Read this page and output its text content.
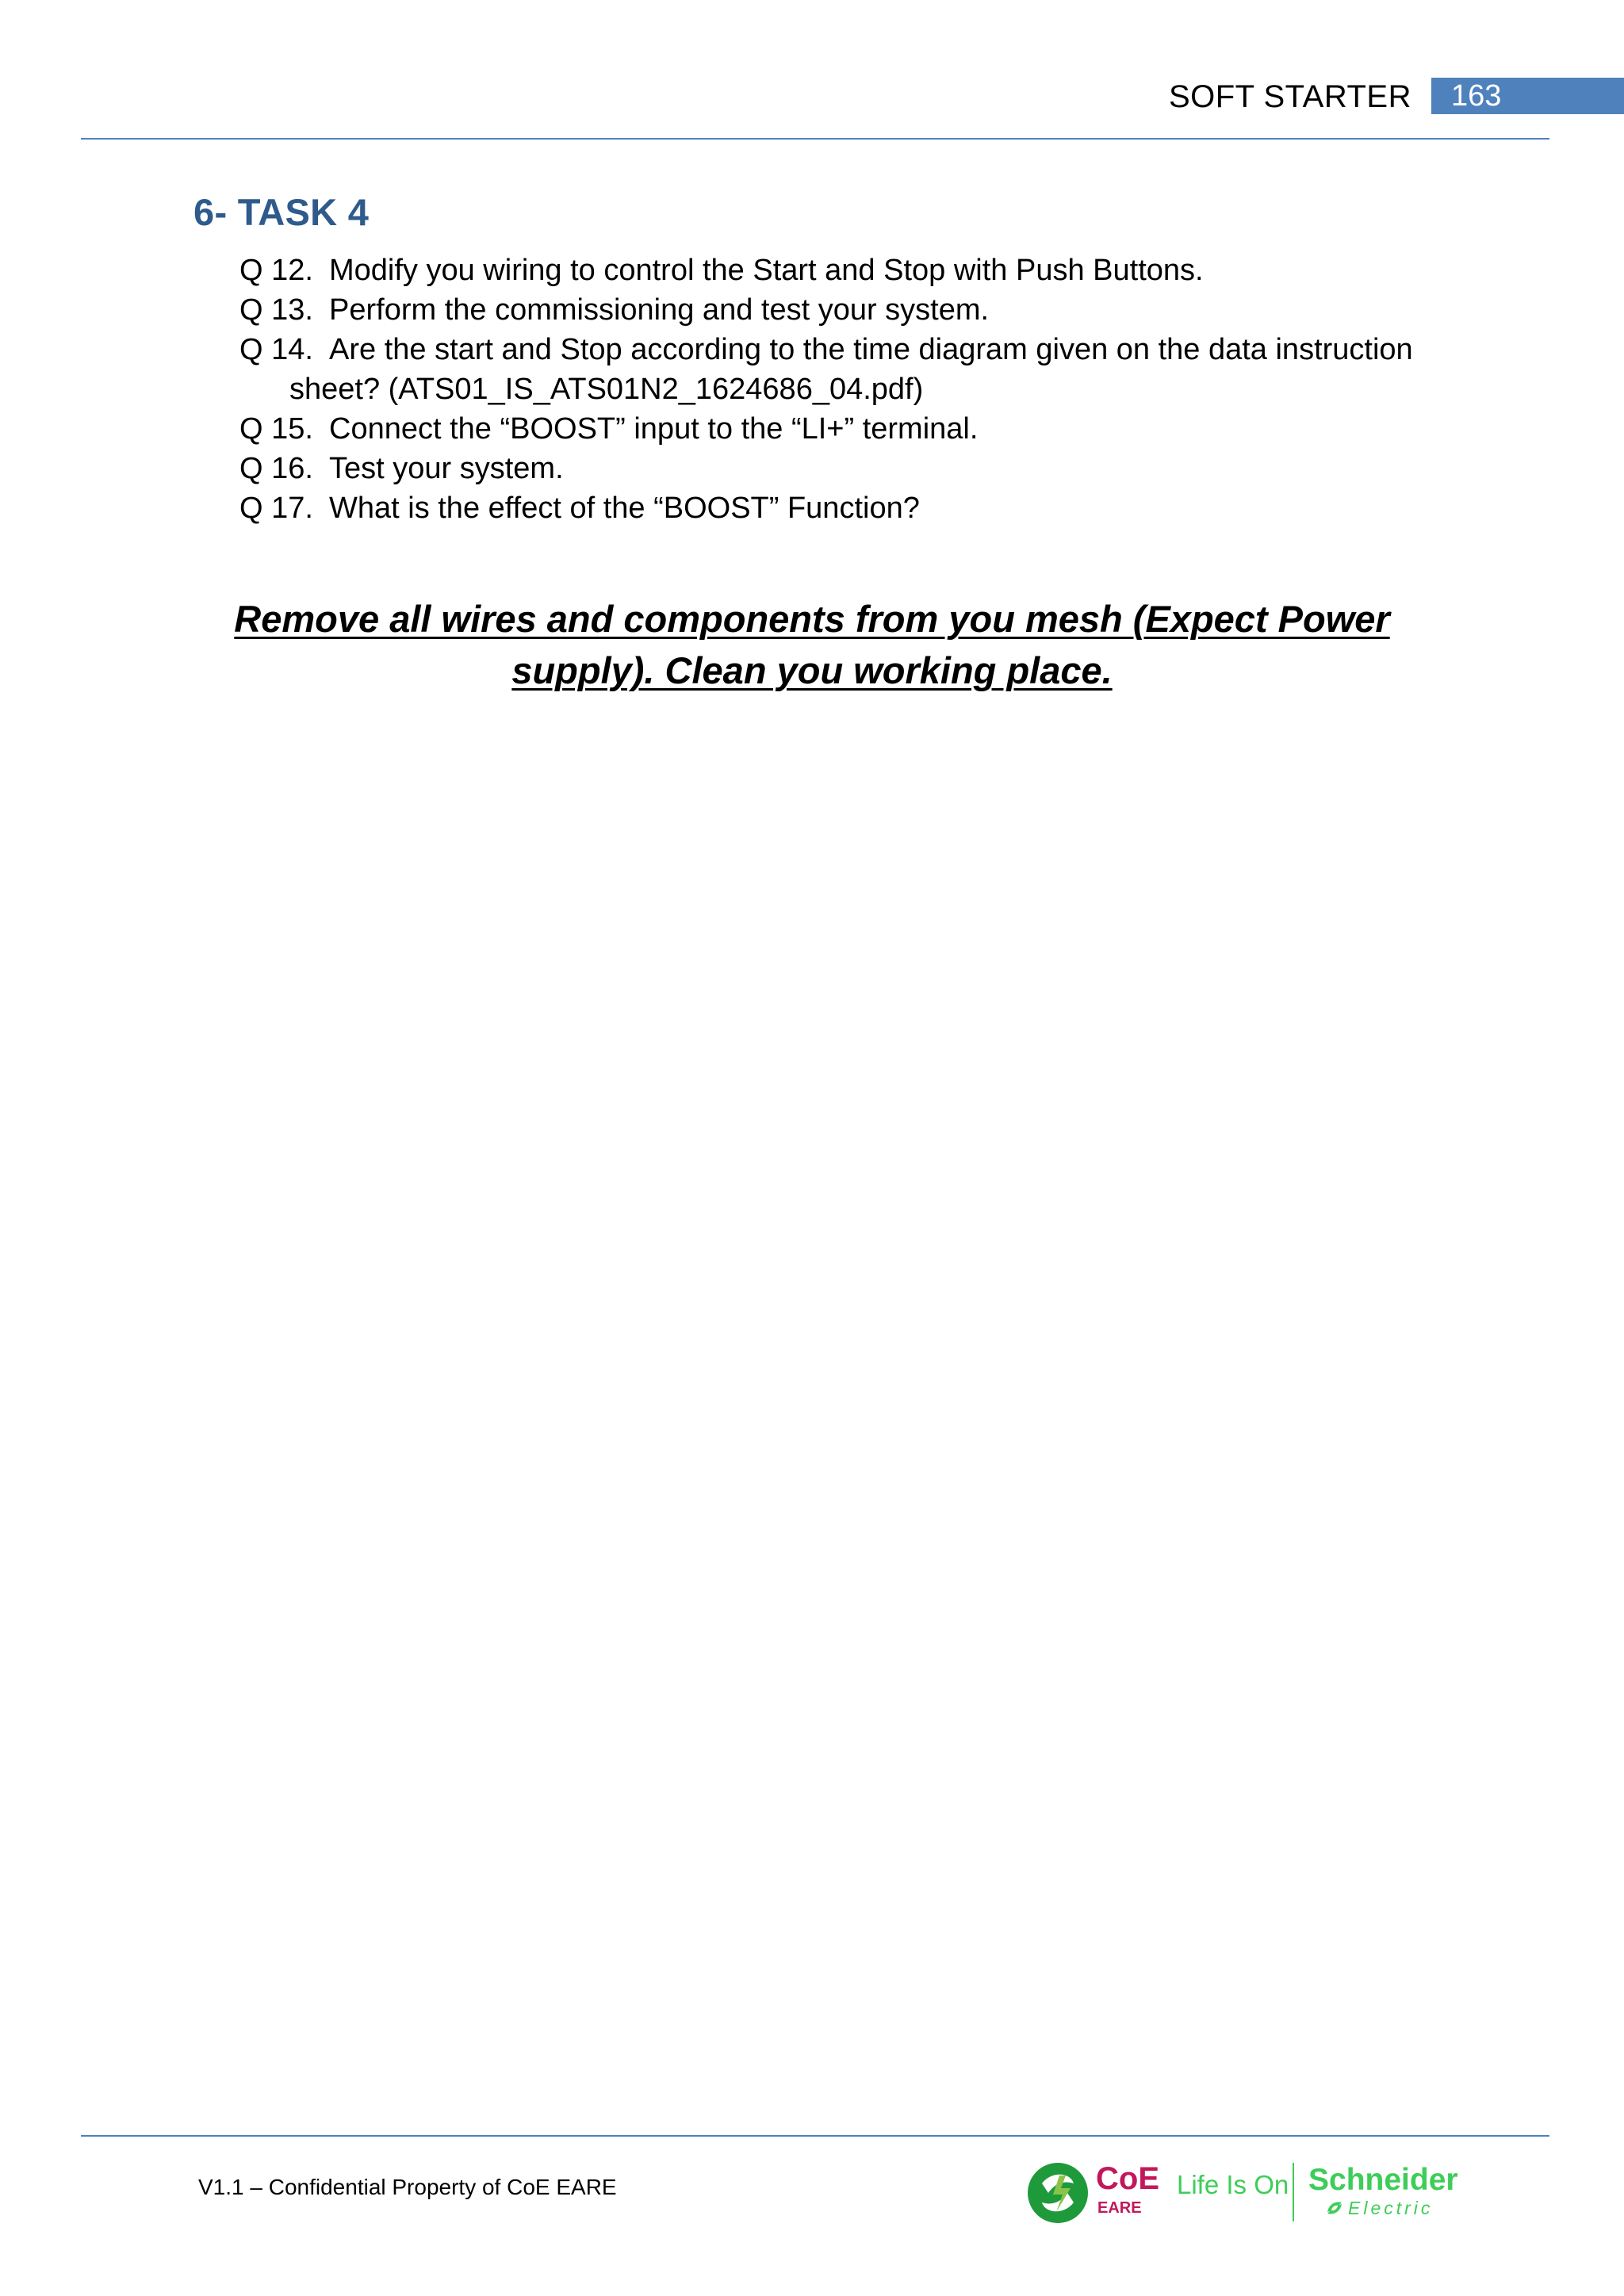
SOFT STARTER	163
6- TASK 4
Q 12. Modify you wiring to control the Start and Stop with Push Buttons.
Q 13. Perform the commissioning and test your system.
Q 14. Are the start and Stop according to the time diagram given on the data instruction
sheet? (ATS01_IS_ATS01N2_1624686_04.pdf)
Q 15. Connect the “BOOST” input to the “LI+” terminal.
Q 16. Test your system.
Q 17. What is the effect of the “BOOST” Function?
Remove all wires and components from you mesh (Expect Power
supply). Clean you working place.
V1.1 – Confidential Property of CoE EARE	CoE
EARE
Life Is On Schneider
Electric
